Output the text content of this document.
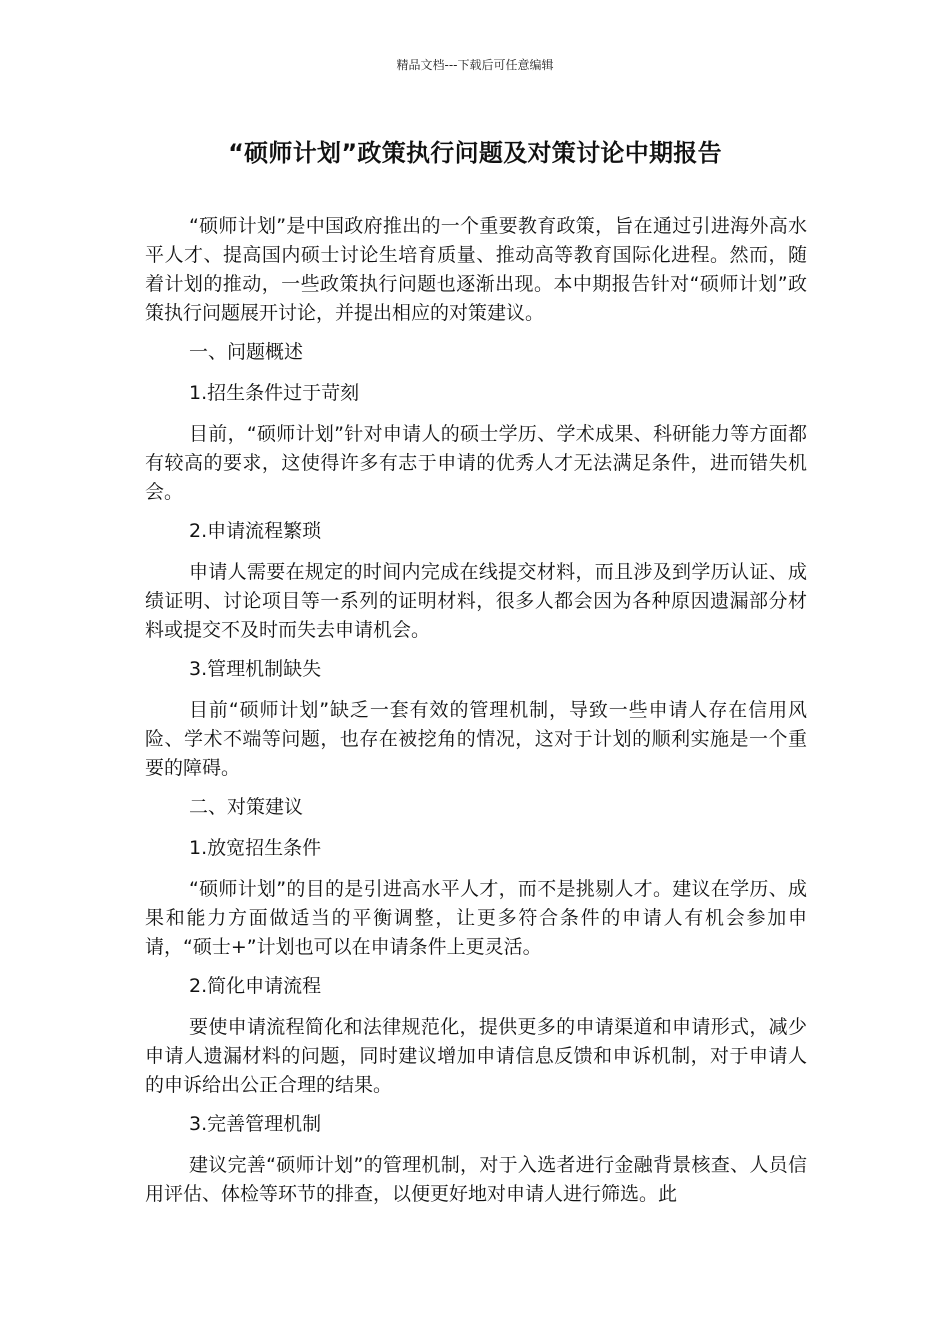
精品文档---下载后可任意编辑
“硕师计划”政策执行问题及对策讨论中期报告

“硕师计划”是中国政府推出的一个重要教育政策，旨在通过引进海外高水平人才、提高国内硕士讨论生培育质量、推动高等教育国际化进程。然而，随着计划的推动，一些政策执行问题也逐渐出现。本中期报告针对“硕师计划”政策执行问题展开讨论，并提出相应的对策建议。

一、问题概述

1.招生条件过于苛刻

目前，“硕师计划”针对申请人的硕士学历、学术成果、科研能力等方面都有较高的要求，这使得许多有志于申请的优秀人才无法满足条件，进而错失机会。

2.申请流程繁琐

申请人需要在规定的时间内完成在线提交材料，而且涉及到学历认证、成绩证明、讨论项目等一系列的证明材料，很多人都会因为各种原因遗漏部分材料或提交不及时而失去申请机会。

3.管理机制缺失

目前“硕师计划”缺乏一套有效的管理机制，导致一些申请人存在信用风险、学术不端等问题，也存在被挖角的情况，这对于计划的顺利实施是一个重要的障碍。

二、对策建议

1.放宽招生条件

“硕师计划”的目的是引进高水平人才，而不是挑剔人才。建议在学历、成果和能力方面做适当的平衡调整，让更多符合条件的申请人有机会参加申请，“硕士+”计划也可以在申请条件上更灵活。

2.简化申请流程

要使申请流程简化和法律规范化，提供更多的申请渠道和申请形式，减少申请人遗漏材料的问题，同时建议增加申请信息反馈和申诉机制，对于申请人的申诉给出公正合理的结果。

3.完善管理机制

建议完善“硕师计划”的管理机制，对于入选者进行金融背景核查、人员信用评估、体检等环节的排查，以便更好地对申请人进行筛选。此
